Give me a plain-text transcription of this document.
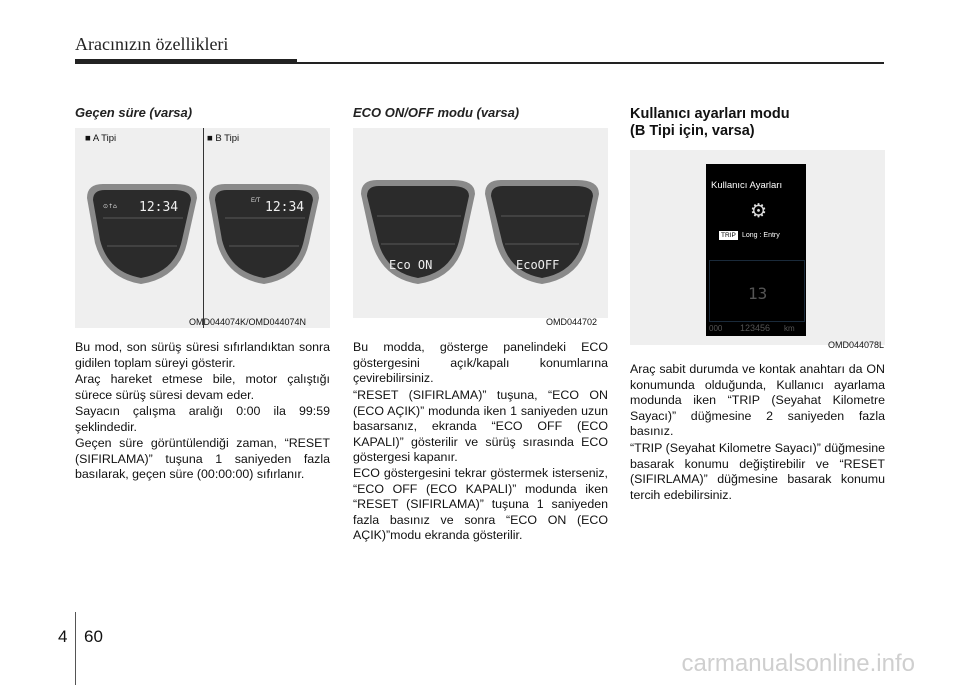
Aracınızın özellikleri
Geçen süre (varsa)
■ A Tipi	■ B Tipi
⊙↑⌂ 12:34	E/T 12:34
OMD044074K/OMD044074N

Bu mod, son sürüş süresi sıfırlandıktan sonra gidilen toplam süreyi gösterir.

Araç hareket etmese bile, motor çalıştığı sürece sürüş süresi devam eder.

Sayacın çalışma aralığı 0:00 ila 99:59 şeklindedir.

Geçen süre görüntülendiği zaman, “RESET (SIFIRLAMA)” tuşuna 1 saniyeden fazla basılarak, geçen süre (00:00:00) sıfırlanır.

ECO ON/OFF modu (varsa)
Eco ON	EcoOFF
OMD044702

Bu modda, gösterge panelindeki ECO göstergesini açık/kapalı konumlarına çevirebilirsiniz.

“RESET (SIFIRLAMA)” tuşuna, “ECO ON (ECO AÇIK)” modunda iken 1 saniyeden uzun basarsanız, ekranda “ECO OFF (ECO KAPALI)” gösterilir ve sürüş sırasında ECO göstergesi kapanır.

ECO göstergesini tekrar göstermek isterseniz, “ECO OFF (ECO KAPALI)” modunda iken “RESET (SIFIRLAMA)” tuşuna 1 saniyeden fazla basınız ve sonra “ECO ON (ECO AÇIK)”modu ekranda gösterilir.

Kullanıcı ayarları modu
(B Tipi için, varsa)
Kullanıcı Ayarları
⚙
TRIP Long : Entry
13
000 123456 km
OMD044078L

Araç sabit durumda ve kontak anahtarı da ON konumunda olduğunda, Kullanıcı ayarlama modunda iken “TRIP (Seyahat Kilometre Sayacı)” düğmesine 2 saniyeden fazla basınız.

“TRIP (Seyahat Kilometre Sayacı)” düğmesine basarak konumu değiştirebilir ve “RESET (SIFIRLAMA)” düğmesine basarak konumu tercih edebilirsiniz.

4 60
carmanualsonline.info
